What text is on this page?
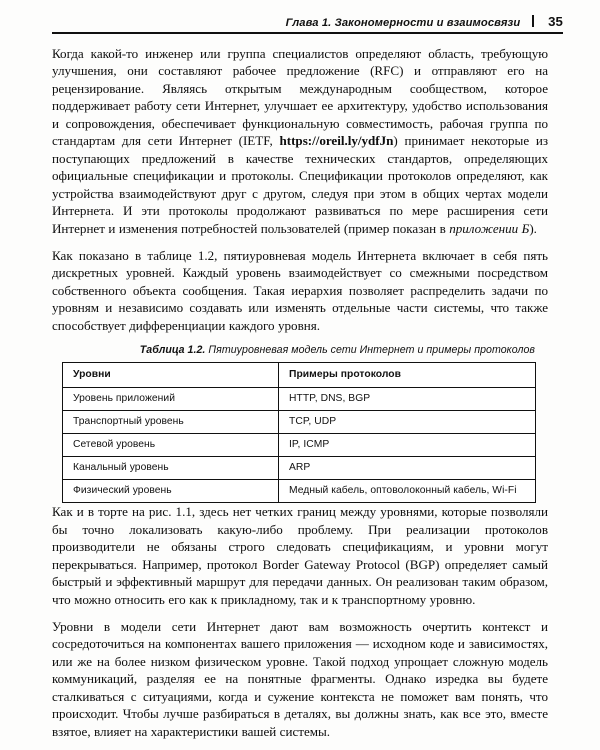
Глава 1. Закономерности и взаимосвязи 35

Когда какой-то инженер или группа специалистов определяют область, требующую улучшения, они составляют рабочее предложение (RFC) и отправляют его на рецензирование. Являясь открытым международным сообществом, которое поддерживает работу сети Интернет, улучшает ее архитектуру, удобство использования и сопровождения, обеспечивает функциональную совместимость, рабочая группа по стандартам для сети Интернет (IETF, https://oreil.ly/ydfJn) принимает некоторые из поступающих предложений в качестве технических стандартов, определяющих официальные спецификации и протоколы. Спецификации протоколов определяют, как устройства взаимодействуют друг с другом, следуя при этом в общих чертах модели Интернета. И эти протоколы продолжают развиваться по мере расширения сети Интернет и изменения потребностей пользователей (пример показан в приложении Б).

Как показано в таблице 1.2, пятиуровневая модель Интернета включает в себя пять дискретных уровней. Каждый уровень взаимодействует со смежными посредством собственного объекта сообщения. Такая иерархия позволяет распределить задачи по уровням и независимо создавать или изменять отдельные части системы, что также способствует дифференциации каждого уровня.

Таблица 1.2. Пятиуровневая модель сети Интернет и примеры протоколов
Уровни	Примеры протоколов
Уровень приложений	HTTP, DNS, BGP
Транспортный уровень	TCP, UDP
Сетевой уровень	IP, ICMP
Канальный уровень	ARP
Физический уровень	Медный кабель, оптоволоконный кабель, Wi-Fi

Как и в торте на рис. 1.1, здесь нет четких границ между уровнями, которые позволяли бы точно локализовать какую-либо проблему. При реализации протоколов производители не обязаны строго следовать спецификациям, и уровни могут перекрываться. Например, протокол Border Gateway Protocol (BGP) определяет самый быстрый и эффективный маршрут для передачи данных. Он реализован таким образом, что можно относить его как к прикладному, так и к транспортному уровню.

Уровни в модели сети Интернет дают вам возможность очертить контекст и сосредоточиться на компонентах вашего приложения — исходном коде и зависимостях, или же на более низком физическом уровне. Такой подход упрощает сложную модель коммуникаций, разделяя ее на понятные фрагменты. Однако изредка вы будете сталкиваться с ситуациями, когда и сужение контекста не поможет вам понять, что происходит. Чтобы лучше разбираться в деталях, вы должны знать, как все это, вместе взятое, влияет на характеристики вашей системы.
